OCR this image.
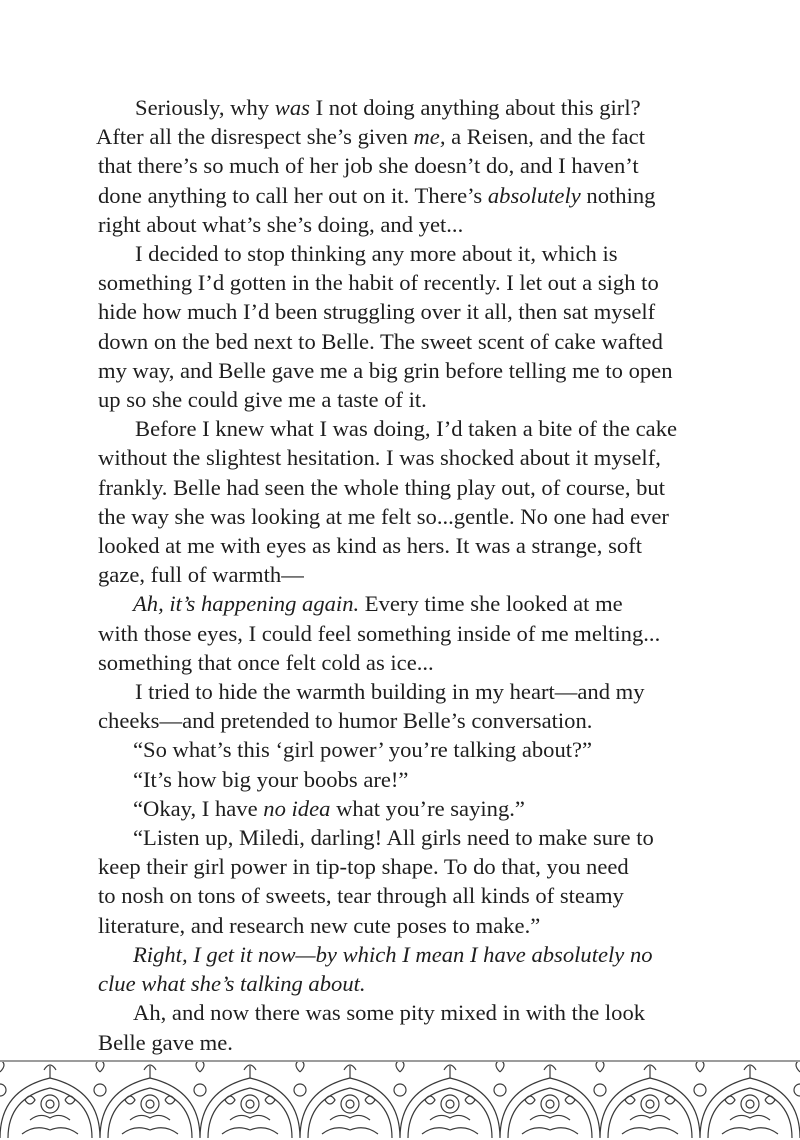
Seriously, why was I not doing anything about this girl?
After all the disrespect she’s given me, a Reisen, and the fact
that there’s so much of her job she doesn’t do, and I haven’t
done anything to call her out on it. There’s absolutely nothing
right about what’s she’s doing, and yet...
I decided to stop thinking any more about it, which is
something I’d gotten in the habit of recently. I let out a sigh to
hide how much I’d been struggling over it all, then sat myself
down on the bed next to Belle. The sweet scent of cake wafted
my way, and Belle gave me a big grin before telling me to open
up so she could give me a taste of it.
Before I knew what I was doing, I’d taken a bite of the cake
without the slightest hesitation. I was shocked about it myself,
frankly. Belle had seen the whole thing play out, of course, but
the way she was looking at me felt so...gentle. No one had ever
looked at me with eyes as kind as hers. It was a strange, soft
gaze, full of warmth—
Ah, it’s happening again. Every time she looked at me
with those eyes, I could feel something inside of me melting...
something that once felt cold as ice...
I tried to hide the warmth building in my heart—and my
cheeks—and pretended to humor Belle’s conversation.
“So what’s this ‘girl power’ you’re talking about?”
“It’s how big your boobs are!”
“Okay, I have no idea what you’re saying.”
“Listen up, Miledi, darling! All girls need to make sure to
keep their girl power in tip-top shape. To do that, you need
to nosh on tons of sweets, tear through all kinds of steamy
literature, and research new cute poses to make.”
Right, I get it now—by which I mean I have absolutely no
clue what she’s talking about.
Ah, and now there was some pity mixed in with the look
Belle gave me.
